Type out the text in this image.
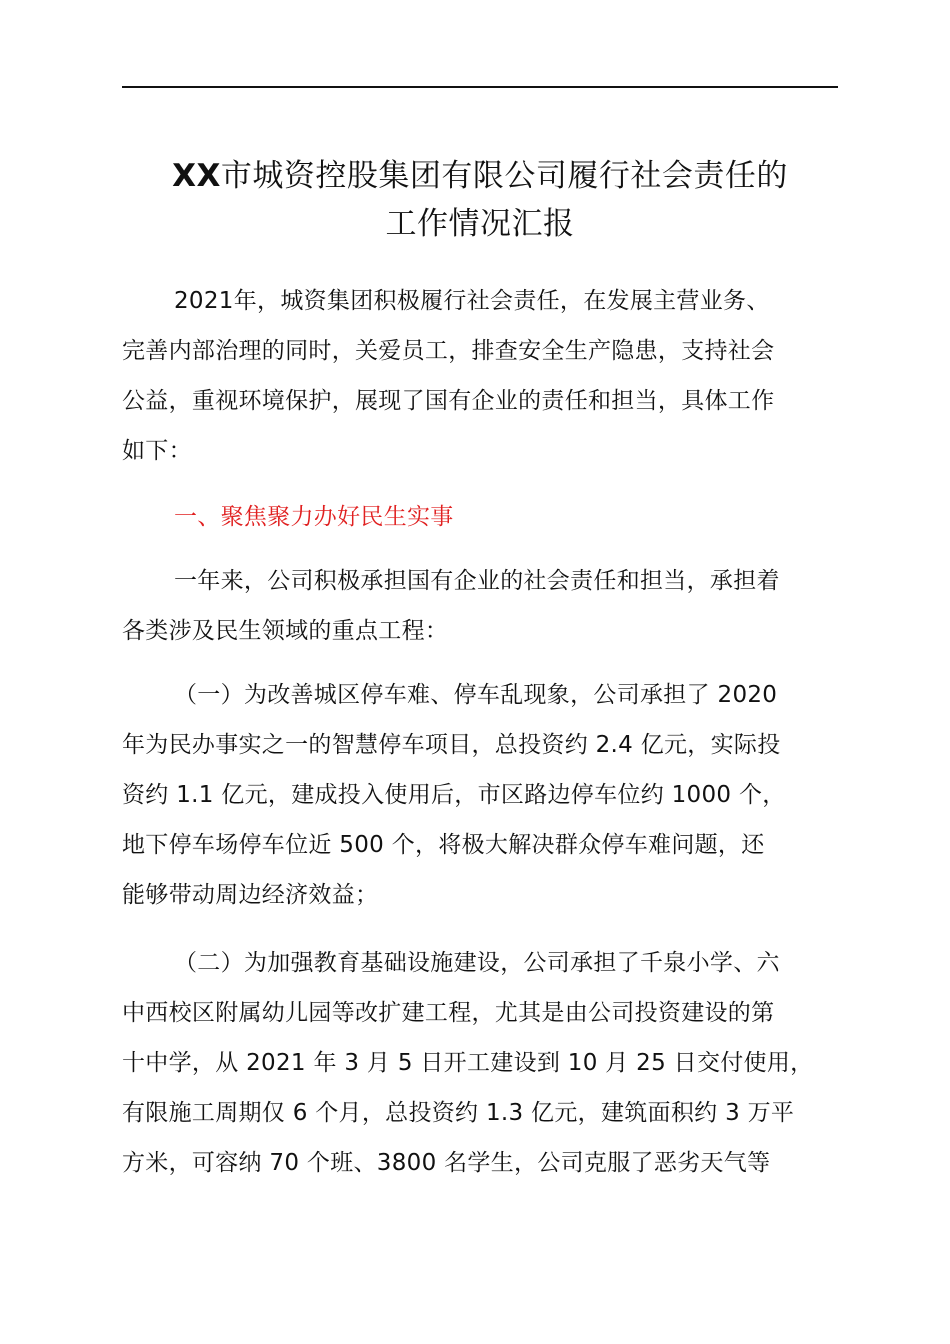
XX市城资控股集团有限公司履行社会责任的
工作情况汇报

2021年，城资集团积极履行社会责任，在发展主营业务、
完善内部治理的同时，关爱员工，排查安全生产隐患，支持社会
公益，重视环境保护，展现了国有企业的责任和担当，具体工作
如下：

一、聚焦聚力办好民生实事

一年来，公司积极承担国有企业的社会责任和担当，承担着
各类涉及民生领域的重点工程：

（一）为改善城区停车难、停车乱现象，公司承担了 2020
年为民办事实之一的智慧停车项目，总投资约 2.4 亿元，实际投
资约 1.1 亿元，建成投入使用后，市区路边停车位约 1000 个，
地下停车场停车位近 500 个，将极大解决群众停车难问题，还
能够带动周边经济效益；

（二）为加强教育基础设施建设，公司承担了千泉小学、六
中西校区附属幼儿园等改扩建工程，尤其是由公司投资建设的第
十中学，从 2021 年 3 月 5 日开工建设到 10 月 25 日交付使用，
有限施工周期仅 6 个月，总投资约 1.3 亿元，建筑面积约 3 万平
方米，可容纳 70 个班、3800 名学生，公司克服了恶劣天气等
